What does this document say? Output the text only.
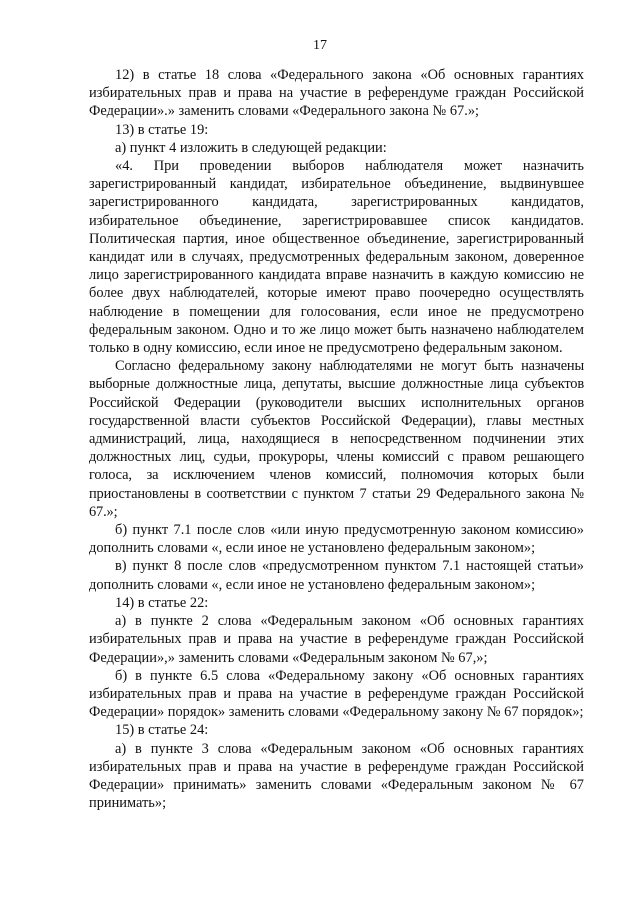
17

12) в статье 18 слова «Федерального закона «Об основных гарантиях избирательных прав и права на участие в референдуме граждан Российской Федерации».» заменить словами «Федерального закона № 67.»;

13) в статье 19:

а) пункт 4 изложить в следующей редакции:

«4. При проведении выборов наблюдателя может назначить зарегистрированный кандидат, избирательное объединение, выдвинувшее зарегистрированного кандидата, зарегистрированных кандидатов, избирательное объединение, зарегистрировавшее список кандидатов. Политическая партия, иное общественное объединение, зарегистрированный кандидат или в случаях, предусмотренных федеральным законом, доверенное лицо зарегистрированного кандидата вправе назначить в каждую комиссию не более двух наблюдателей, которые имеют право поочередно осуществлять наблюдение в помещении для голосования, если иное не предусмотрено федеральным законом. Одно и то же лицо может быть назначено наблюдателем только в одну комиссию, если иное не предусмотрено федеральным законом.

Согласно федеральному закону наблюдателями не могут быть назначены выборные должностные лица, депутаты, высшие должностные лица субъектов Российской Федерации (руководители высших исполнительных органов государственной власти субъектов Российской Федерации), главы местных администраций, лица, находящиеся в непосредственном подчинении этих должностных лиц, судьи, прокуроры, члены комиссий с правом решающего голоса, за исключением членов комиссий, полномочия которых были приостановлены в соответствии с пунктом 7 статьи 29 Федерального закона № 67.»;

б) пункт 7.1 после слов «или иную предусмотренную законом комиссию» дополнить словами «, если иное не установлено федеральным законом»;

в) пункт 8 после слов «предусмотренном пунктом 7.1 настоящей статьи» дополнить словами «, если иное не установлено федеральным законом»;

14) в статье 22:

а) в пункте 2 слова «Федеральным законом «Об основных гарантиях избирательных прав и права на участие в референдуме граждан Российской Федерации»,» заменить словами «Федеральным законом № 67,»;

б) в пункте 6.5 слова «Федеральному закону «Об основных гарантиях избирательных прав и права на участие в референдуме граждан Российской Федерации» порядок» заменить словами «Федеральному закону № 67 порядок»;

15) в статье 24:

а) в пункте 3 слова «Федеральным законом «Об основных гарантиях избирательных прав и права на участие в референдуме граждан Российской Федерации» принимать» заменить словами «Федеральным законом № 67 принимать»;
